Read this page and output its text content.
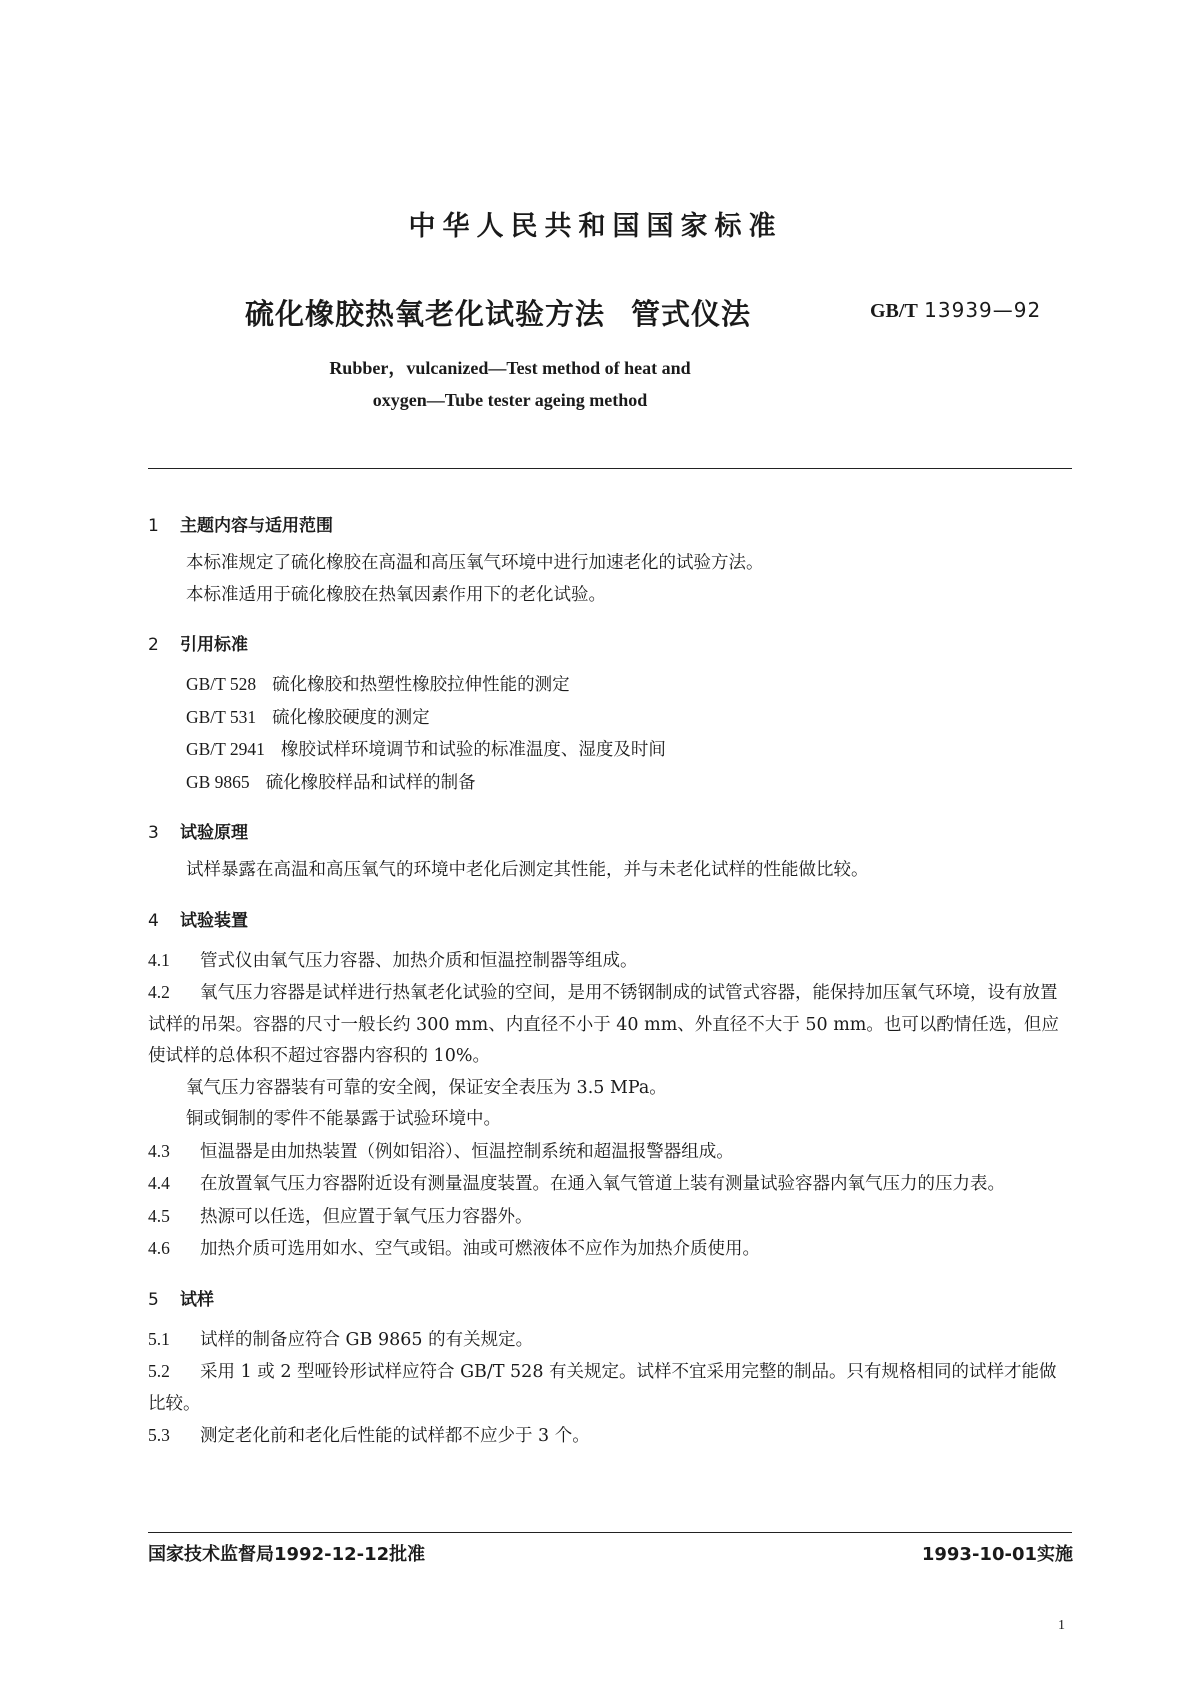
中华人民共和国国家标准
硫化橡胶热氧老化试验方法 管式仪法	GB/T 13939—92
Rubber，vulcanized—Test method of heat and
oxygen—Tube tester ageing method
1 主题内容与适用范围
本标准规定了硫化橡胶在高温和高压氧气环境中进行加速老化的试验方法。
本标准适用于硫化橡胶在热氧因素作用下的老化试验。
2 引用标准
GB/T 528 硫化橡胶和热塑性橡胶拉伸性能的测定
GB/T 531 硫化橡胶硬度的测定
GB/T 2941 橡胶试样环境调节和试验的标准温度、湿度及时间
GB 9865 硫化橡胶样品和试样的制备
3 试验原理
试样暴露在高温和高压氧气的环境中老化后测定其性能，并与未老化试样的性能做比较。
4 试验装置
4.1 管式仪由氧气压力容器、加热介质和恒温控制器等组成。
4.2 氧气压力容器是试样进行热氧老化试验的空间，是用不锈钢制成的试管式容器，能保持加压氧气环境，设有放置试样的吊架。容器的尺寸一般长约 300 mm、内直径不小于 40 mm、外直径不大于 50 mm。也可以酌情任选，但应使试样的总体积不超过容器内容积的 10%。
氧气压力容器装有可靠的安全阀，保证安全表压为 3.5 MPa。
铜或铜制的零件不能暴露于试验环境中。
4.3 恒温器是由加热装置（例如铝浴）、恒温控制系统和超温报警器组成。
4.4 在放置氧气压力容器附近设有测量温度装置。在通入氧气管道上装有测量试验容器内氧气压力的压力表。
4.5 热源可以任选，但应置于氧气压力容器外。
4.6 加热介质可选用如水、空气或铝。油或可燃液体不应作为加热介质使用。
5 试样
5.1 试样的制备应符合 GB 9865 的有关规定。
5.2 采用 1 或 2 型哑铃形试样应符合 GB/T 528 有关规定。试样不宜采用完整的制品。只有规格相同的试样才能做比较。
5.3 测定老化前和老化后性能的试样都不应少于 3 个。
国家技术监督局1992-12-12批准	1993-10-01实施
1
